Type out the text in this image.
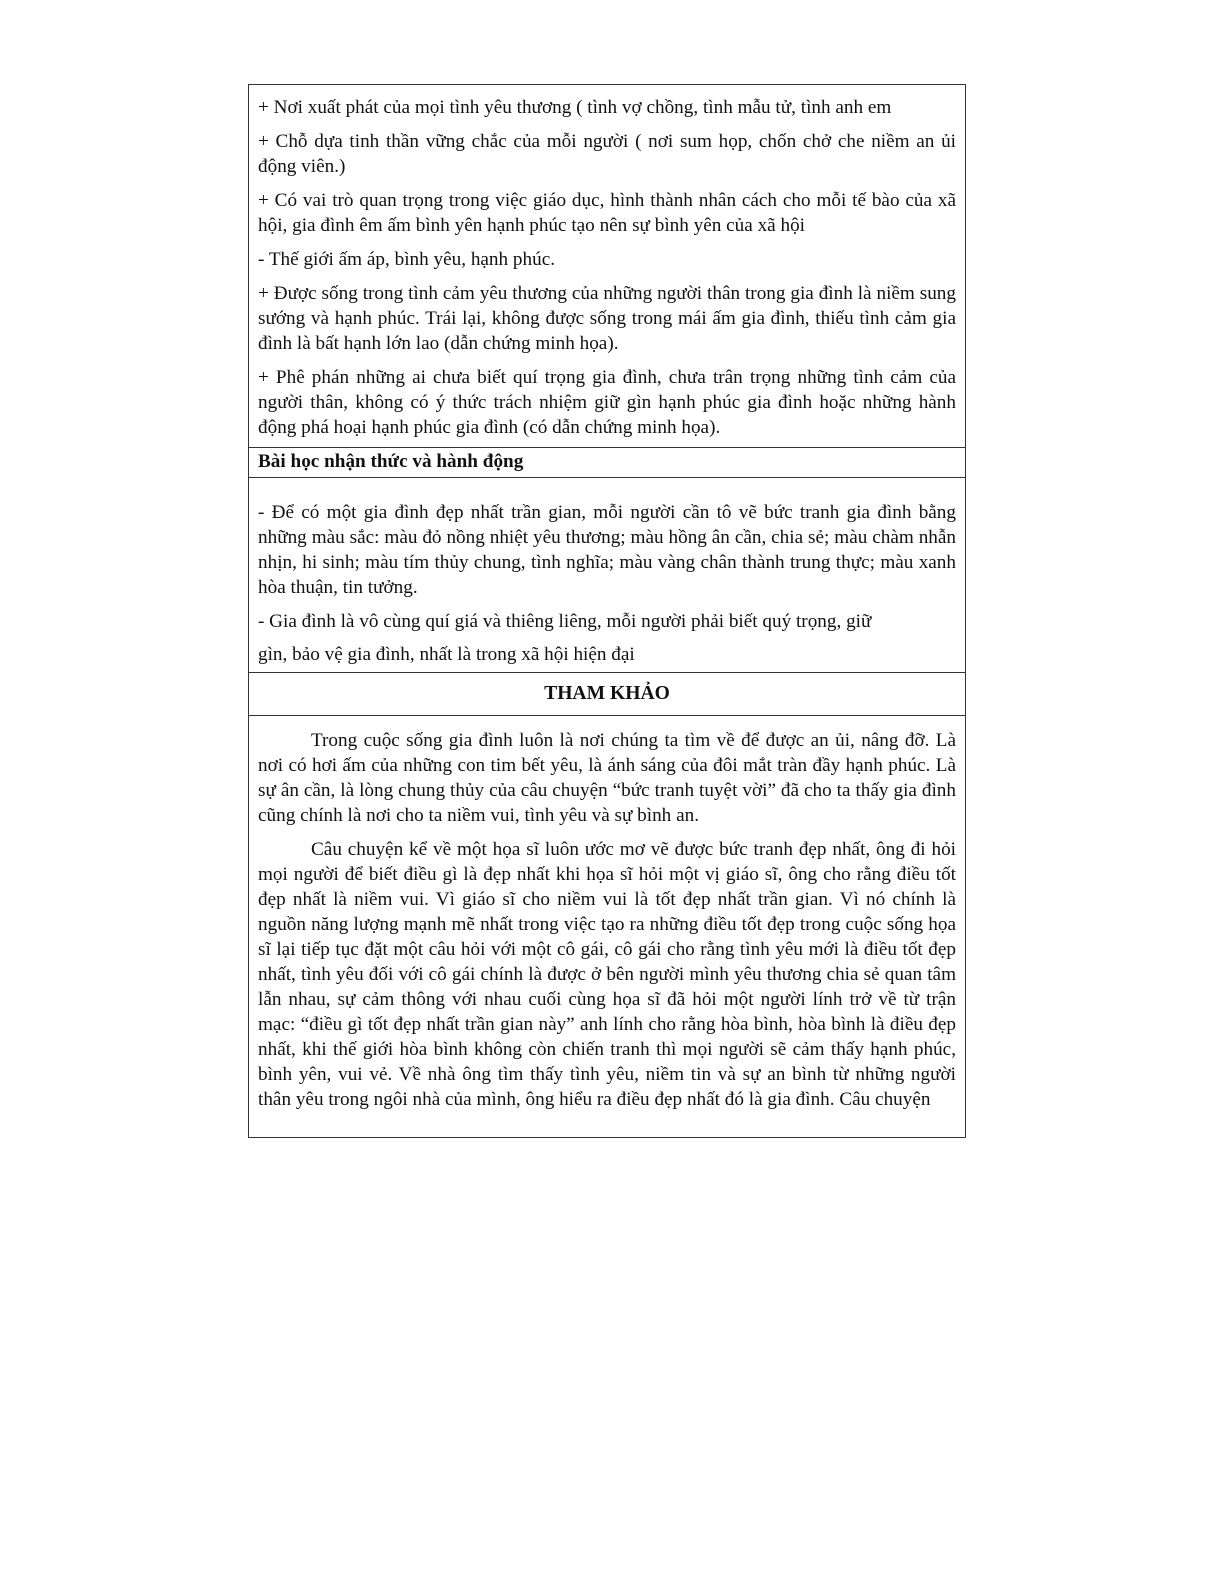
+ Nơi xuất phát của mọi tình yêu thương ( tình vợ chồng, tình mẫu tử, tình anh em

+ Chỗ dựa tinh thần vững chắc của mỗi người ( nơi sum họp, chốn chở che niềm an ủi động viên.)

+ Có vai trò quan trọng trong việc giáo dục, hình thành nhân cách cho mỗi tế bào của xã hội, gia đình êm ấm bình yên hạnh phúc tạo nên sự bình yên của xã hội

- Thế giới ấm áp, bình yêu, hạnh phúc.

+ Được sống trong tình cảm yêu thương của những người thân trong gia đình là niềm sung sướng và hạnh phúc. Trái lại, không được sống trong mái ấm gia đình, thiếu tình cảm gia đình là bất hạnh lớn lao (dẫn chứng minh họa).

+ Phê phán những ai chưa biết quí trọng gia đình, chưa trân trọng những tình cảm của người thân, không có ý thức trách nhiệm giữ gìn hạnh phúc gia đình hoặc những hành động phá hoại hạnh phúc gia đình (có dẫn chứng minh họa).

Bài học nhận thức và hành động

- Để có một gia đình đẹp nhất trần gian, mỗi người cần tô vẽ bức tranh gia đình bằng những màu sắc: màu đỏ nồng nhiệt yêu thương; màu hồng ân cần, chia sẻ; màu chàm nhẫn nhịn, hi sinh; màu tím thủy chung, tình nghĩa; màu vàng chân thành trung thực; màu xanh hòa thuận, tin tưởng.

- Gia đình là vô cùng quí giá và thiêng liêng, mỗi người phải biết quý trọng, giữ

gìn, bảo vệ gia đình, nhất là trong xã hội hiện đại

THAM KHẢO

Trong cuộc sống gia đình luôn là nơi chúng ta tìm về để được an ủi, nâng đỡ. Là nơi có hơi ấm của những con tim bết yêu, là ánh sáng của đôi mắt tràn đầy hạnh phúc. Là sự ân cần, là lòng chung thủy của câu chuyện “bức tranh tuyệt vời” đã cho ta thấy gia đình cũng chính là nơi cho ta niềm vui, tình yêu và sự bình an.

Câu chuyện kể về một họa sĩ luôn ước mơ vẽ được bức tranh đẹp nhất, ông đi hỏi mọi người để biết điều gì là đẹp nhất khi họa sĩ hỏi một vị giáo sĩ, ông cho rằng điều tốt đẹp nhất là niềm vui. Vì giáo sĩ cho niềm vui là tốt đẹp nhất trần gian. Vì nó chính là nguồn năng lượng mạnh mẽ nhất trong việc tạo ra những điều tốt đẹp trong cuộc sống họa sĩ lại tiếp tục đặt một câu hỏi với một cô gái, cô gái cho rằng tình yêu mới là điều tốt đẹp nhất, tình yêu đối với cô gái chính là được ở bên người mình yêu thương chia sẻ quan tâm lẫn nhau, sự cảm thông với nhau cuối cùng họa sĩ đã hỏi một người lính trở về từ trận mạc: “điều gì tốt đẹp nhất trần gian này” anh lính cho rằng hòa bình, hòa bình là điều đẹp nhất, khi thế giới hòa bình không còn chiến tranh thì mọi người sẽ cảm thấy hạnh phúc, bình yên, vui vẻ. Về nhà ông tìm thấy tình yêu, niềm tin và sự an bình từ những người thân yêu trong ngôi nhà của mình, ông hiểu ra điều đẹp nhất đó là gia đình. Câu chuyện
